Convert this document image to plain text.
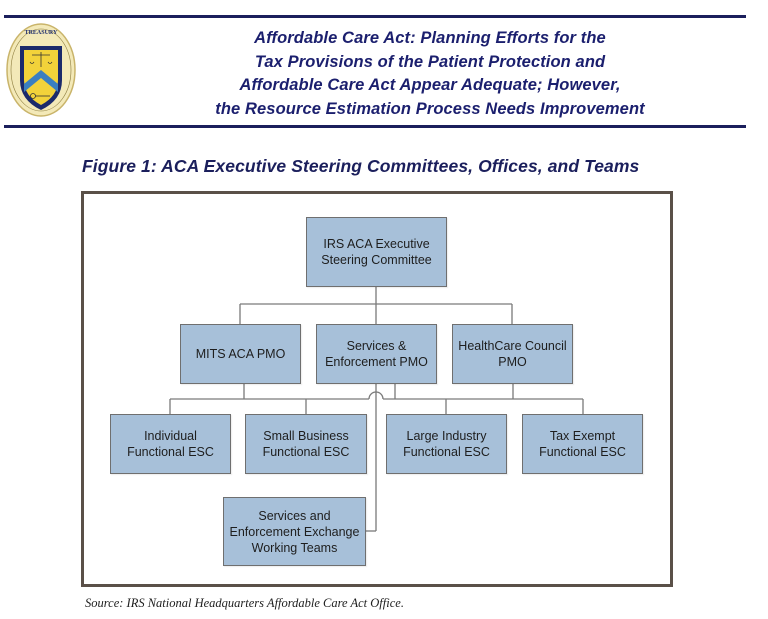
TREASURY	Affordable Care Act: Planning Efforts for the
Tax Provisions of the Patient Protection and
Affordable Care Act Appear Adequate; However,
the Resource Estimation Process Needs Improvement
Figure 1: ACA Executive Steering Committees, Offices, and Teams
IRS ACA Executive
Steering Committee
MITS ACA PMO
Services &
Enforcement PMO
HealthCare Council
PMO
Individual
Functional ESC
Small Business
Functional ESC
Large Industry
Functional ESC
Tax Exempt
Functional ESC
Services and
Enforcement Exchange
Working Teams
Source: IRS National Headquarters Affordable Care Act Office.
